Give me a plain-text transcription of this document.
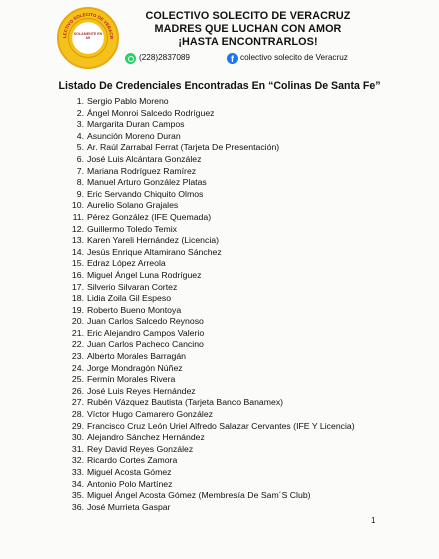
LECTIVO SOLECITO DE VERACR
SOLAMENTE EN MI
COLECTIVO SOLECITO DE VERACRUZ
MADRES QUE LUCHAN CON AMOR
¡HASTA ENCONTRARLOS!
(228)2837089	f colectivo solecito de Veracruz
Listado De Credenciales Encontradas En “Colinas De Santa Fe”
1. Sergio Pablo Moreno
2. Ángel Monroi Salcedo Rodríguez
3. Margarita Duran Campos
4. Asunción Moreno Duran
5. Ar. Raúl Zarrabal Ferrat (Tarjeta De Presentación)
6. José Luis Alcántara González
7. Mariana Rodríguez Ramírez
8. Manuel Arturo González Platas
9. Eric Servando Chiquito Olmos
10. Aurelio Solano Grajales
11. Pérez González (IFE Quemada)
12. Guillermo Toledo Temix
13. Karen Yareli Hernández (Licencia)
14. Jesús Enrique Altamirano Sánchez
15. Edraz López Arreola
16. Miguel Ángel Luna Rodríguez
17. Silverio Silvaran Cortez
18. Lidia Zoila Gil Espeso
19. Roberto Bueno Montoya
20. Juan Carlos Salcedo Reynoso
21. Eric Alejandro Campos Valerio
22. Juan Carlos Pacheco Cancino
23. Alberto Morales Barragán
24. Jorge Mondragón Núñez
25. Fermín Morales Rivera
26. José Luis Reyes Hernández
27. Rubén Vázquez Bautista (Tarjeta Banco Banamex)
28. Víctor Hugo Camarero González
29. Francisco Cruz León Uriel Alfredo Salazar Cervantes (IFE Y Licencia)
30. Alejandro Sánchez Hernández
31. Rey David Reyes González
32. Ricardo Cortes Zamora
33. Miguel Acosta Gómez
34. Antonio Polo Martínez
35. Miguel Ángel Acosta Gómez (Membresía De Sam´S Club)
36. José Murrieta Gaspar
1
